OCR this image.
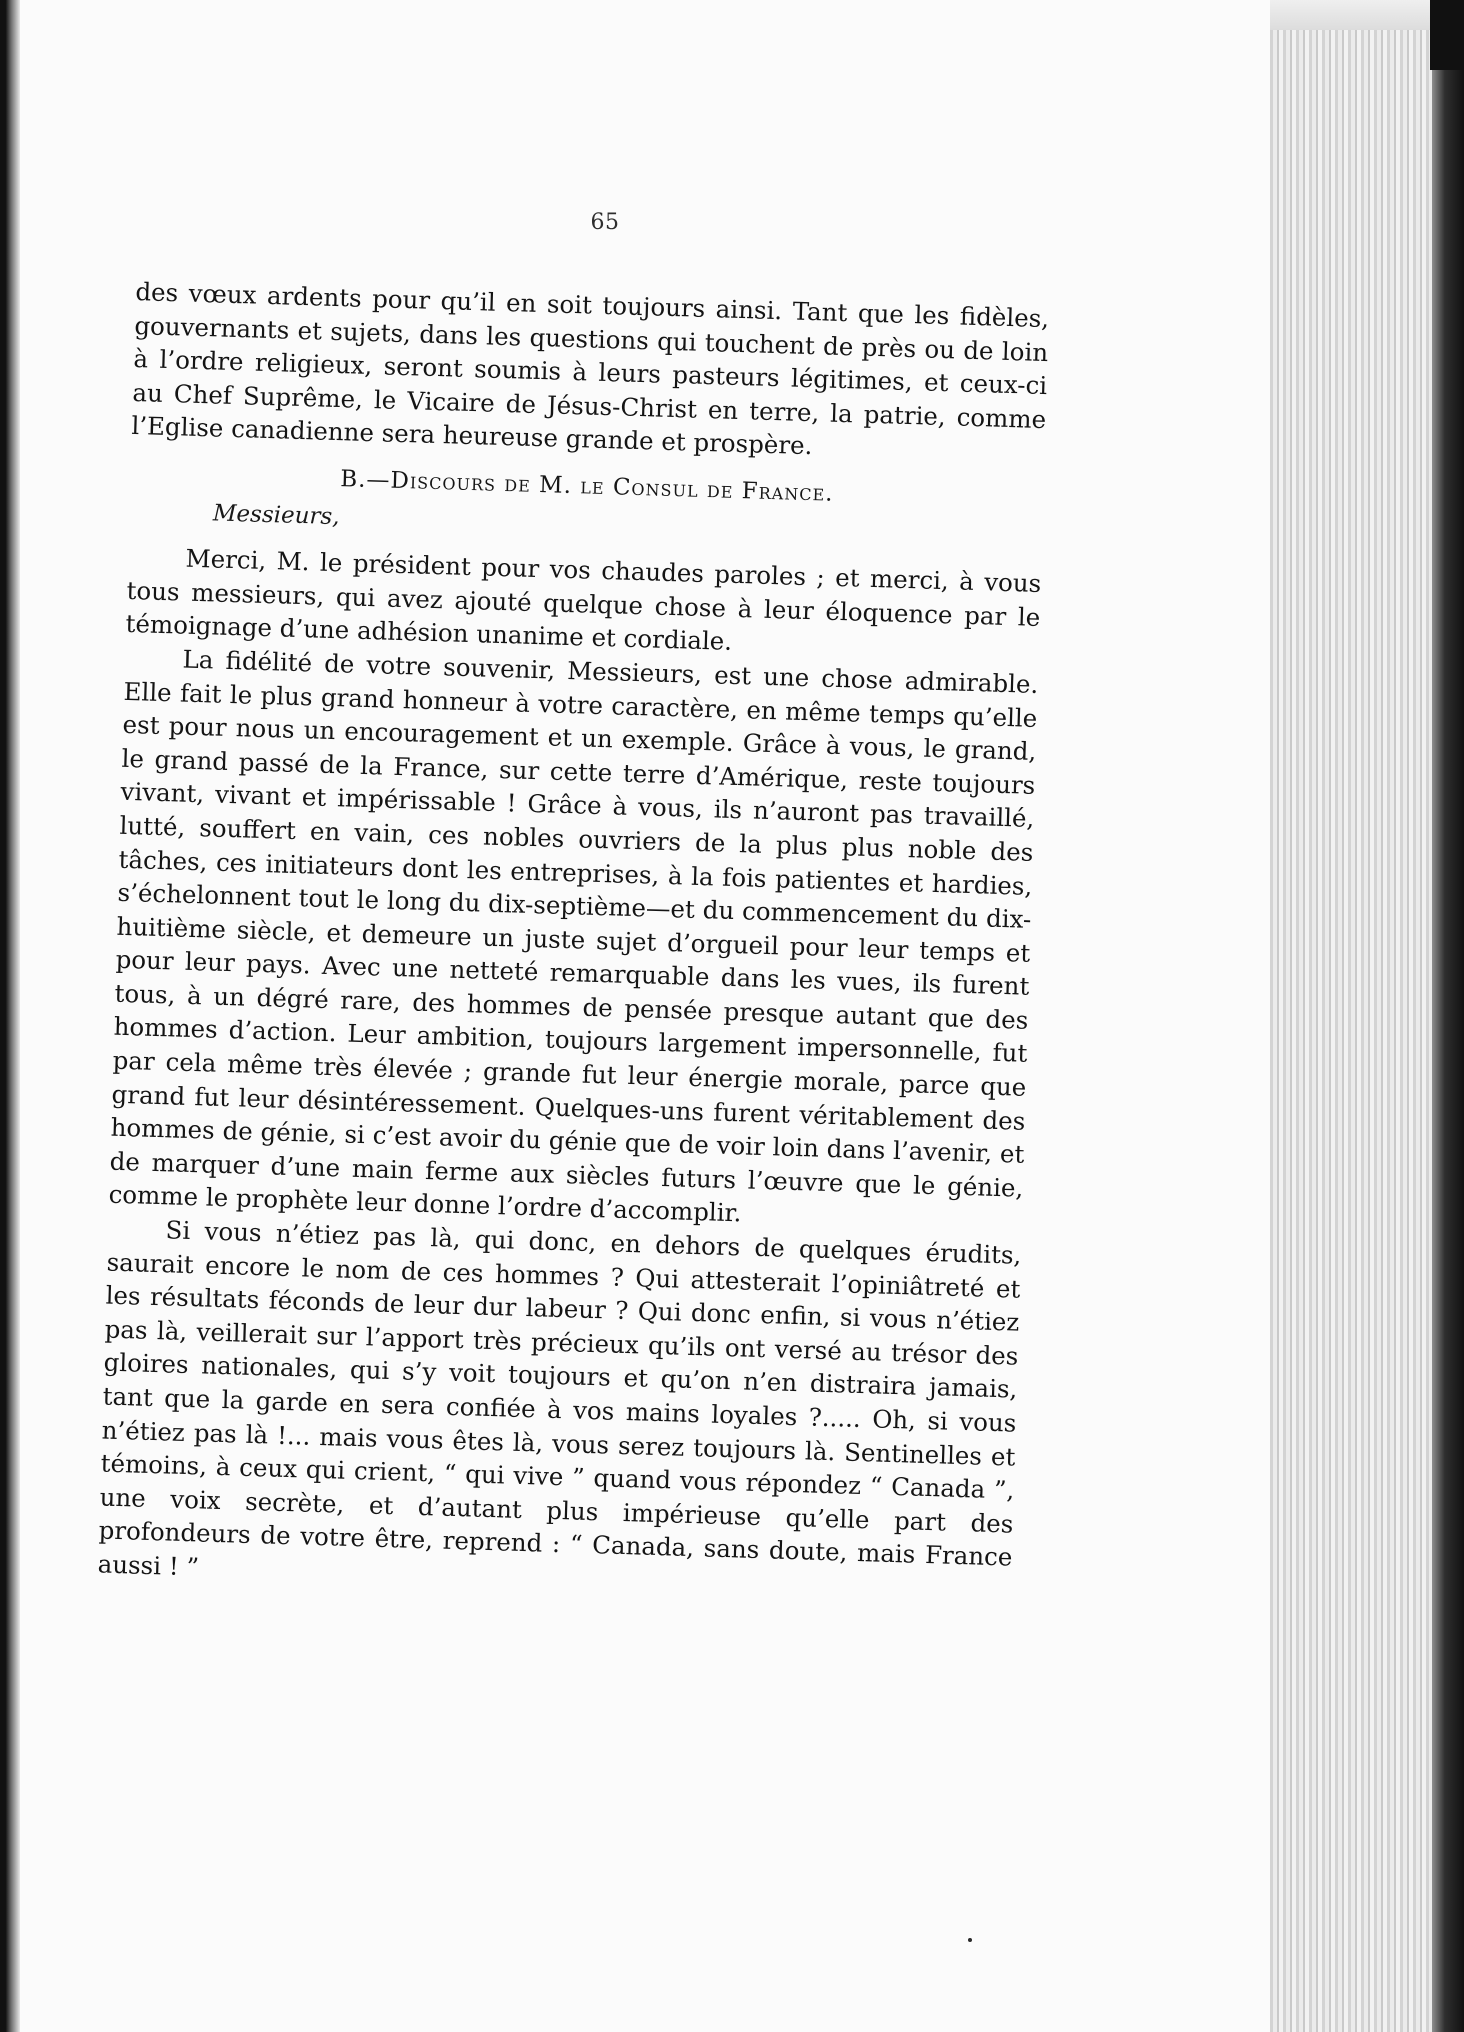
65

des vœux ardents pour qu’il en soit toujours ainsi. Tant que les fidèles, gouvernants et sujets, dans les questions qui touchent de près ou de loin à l’ordre religieux, seront soumis à leurs pasteurs légitimes, et ceux-ci au Chef Suprême, le Vicaire de Jésus-Christ en terre, la patrie, comme l’Eglise canadienne sera heureuse grande et prospère.

B.—Discours de M. le Consul de France.

Messieurs,

Merci, M. le président pour vos chaudes paroles ; et merci, à vous tous messieurs, qui avez ajouté quelque chose à leur éloquence par le témoignage d’une adhésion unanime et cordiale.

La fidélité de votre souvenir, Messieurs, est une chose admirable. Elle fait le plus grand honneur à votre caractère, en même temps qu’elle est pour nous un encouragement et un exemple. Grâce à vous, le grand, le grand passé de la France, sur cette terre d’Amérique, reste toujours vivant, vivant et impérissable ! Grâce à vous, ils n’auront pas travaillé, lutté, souffert en vain, ces nobles ouvriers de la plus plus noble des tâches, ces initiateurs dont les entreprises, à la fois patientes et hardies, s’échelonnent tout le long du dix-septième—et du commencement du dix-huitième siècle, et demeure un juste sujet d’orgueil pour leur temps et pour leur pays. Avec une netteté remarquable dans les vues, ils furent tous, à un dégré rare, des hommes de pensée presque autant que des hommes d’action. Leur ambition, toujours largement impersonnelle, fut par cela même très élevée ; grande fut leur énergie morale, parce que grand fut leur désintéressement. Quelques-uns furent véritablement des hommes de génie, si c’est avoir du génie que de voir loin dans l’avenir, et de marquer d’une main ferme aux siècles futurs l’œuvre que le génie, comme le prophète leur donne l’ordre d’accomplir.

Si vous n’étiez pas là, qui donc, en dehors de quelques érudits, saurait encore le nom de ces hommes ? Qui attesterait l’opiniâtreté et les résultats féconds de leur dur labeur ? Qui donc enfin, si vous n’étiez pas là, veillerait sur l’apport très précieux qu’ils ont versé au trésor des gloires nationales, qui s’y voit toujours et qu’on n’en distraira jamais, tant que la garde en sera confiée à vos mains loyales ?..... Oh, si vous n’étiez pas là !... mais vous êtes là, vous serez toujours là. Sentinelles et témoins, à ceux qui crient, “ qui vive ” quand vous répondez “ Canada ”, une voix secrète, et d’autant plus impérieuse qu’elle part des profondeurs de votre être, reprend : “ Canada, sans doute, mais France aussi ! ”
